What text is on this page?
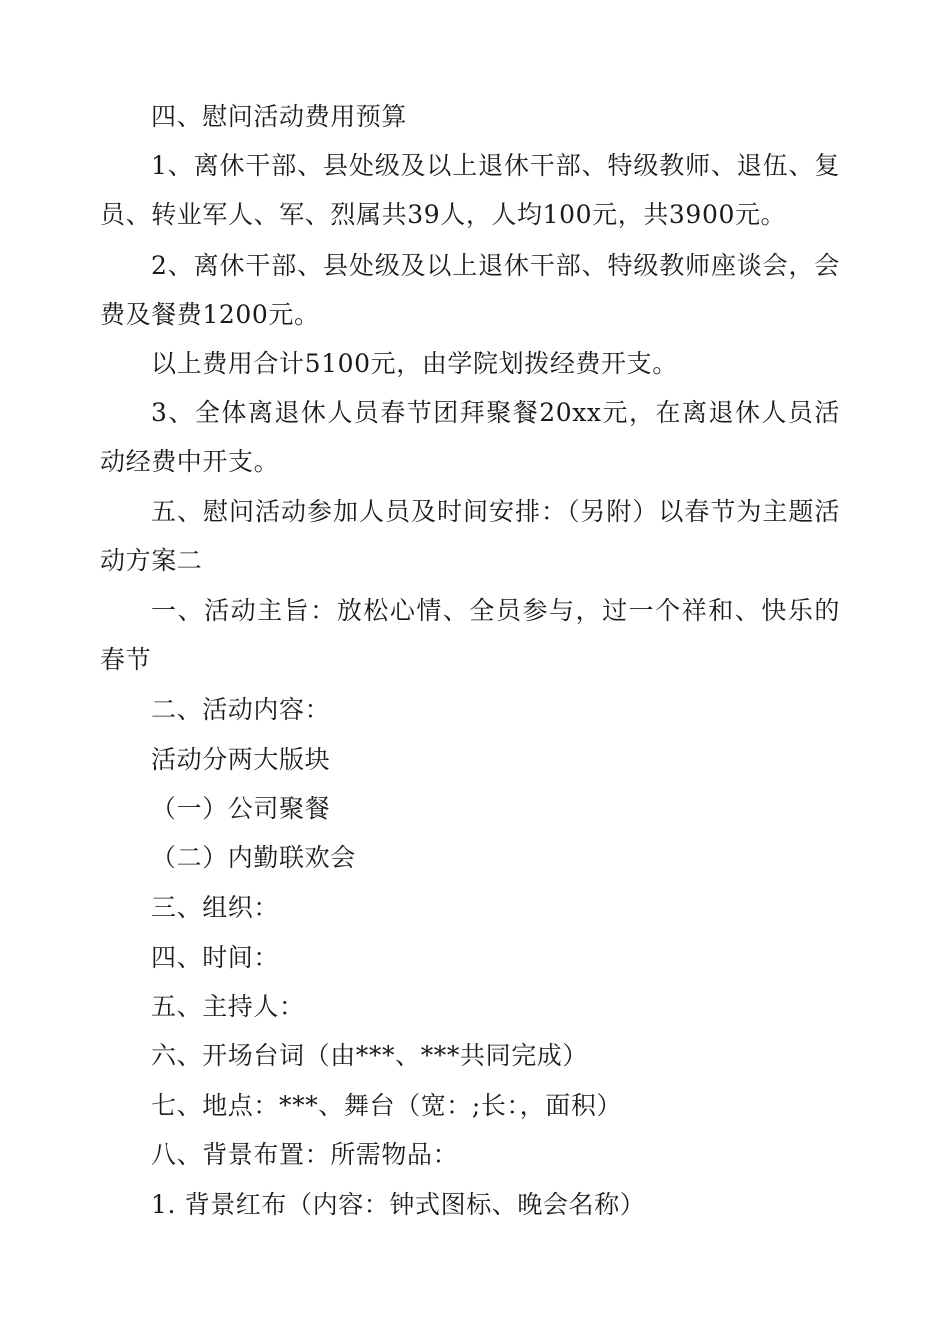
四、慰问活动费用预算

1、离休干部、县处级及以上退休干部、特级教师、退伍、复员、转业军人、军、烈属共39人，人均100元，共3900元。

2、离休干部、县处级及以上退休干部、特级教师座谈会，会费及餐费1200元。

以上费用合计5100元，由学院划拨经费开支。

3、全体离退休人员春节团拜聚餐20xx元，在离退休人员活动经费中开支。

五、慰问活动参加人员及时间安排：（另附）以春节为主题活动方案二

一、活动主旨：放松心情、全员参与，过一个祥和、快乐的春节

二、活动内容：

活动分两大版块

（一）公司聚餐

（二）内勤联欢会

三、组织：

四、时间：

五、主持人：

六、开场台词（由***、***共同完成）

七、地点：***、舞台（宽：;长：，面积）

八、背景布置：所需物品：

1. 背景红布（内容：钟式图标、晚会名称）
